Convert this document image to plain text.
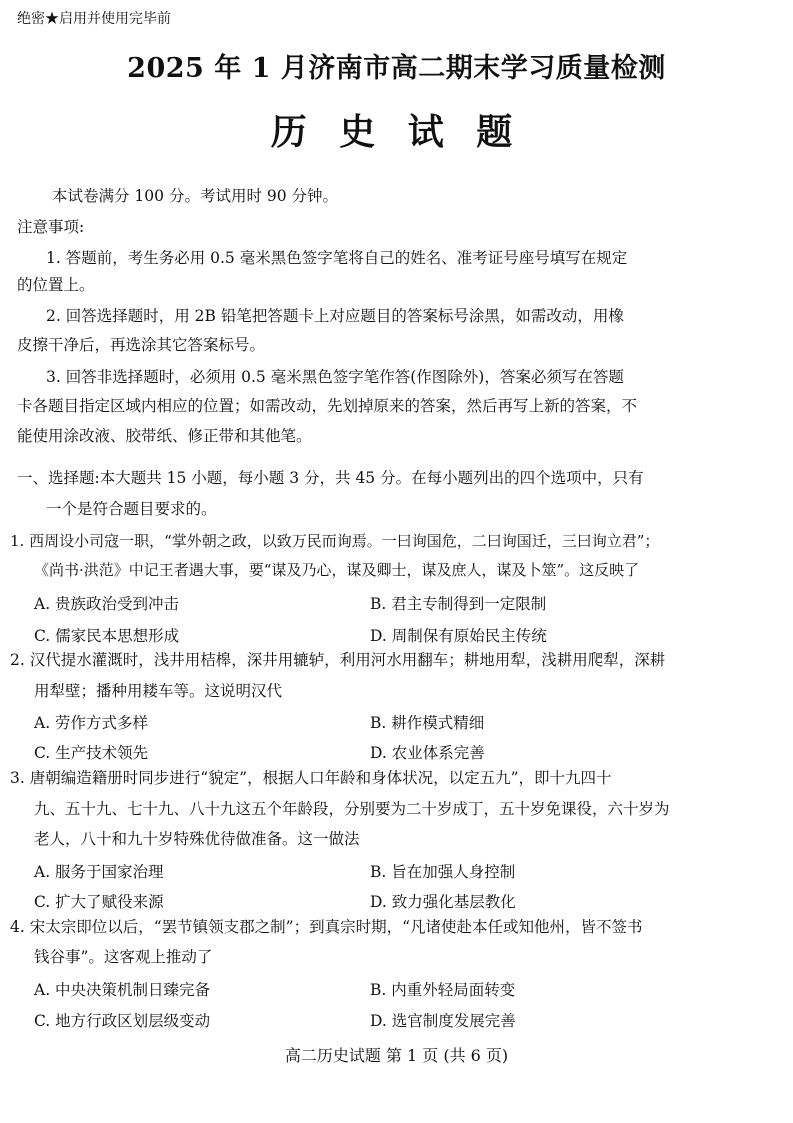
绝密★启用并使用完毕前
2025 年 1 月济南市高二期末学习质量检测
历 史 试 题
本试卷满分 100 分。考试用时 90 分钟。
注意事项:
1. 答题前，考生务必用 0.5 毫米黑色签字笔将自己的姓名、准考证号座号填写在规定
的位置上。
2. 回答选择题时，用 2B 铅笔把答题卡上对应题目的答案标号涂黑，如需改动，用橡
皮擦干净后，再选涂其它答案标号。
3. 回答非选择题时，必须用 0.5 毫米黑色签字笔作答(作图除外)，答案必须写在答题
卡各题目指定区域内相应的位置；如需改动，先划掉原来的答案，然后再写上新的答案，不
能使用涂改液、胶带纸、修正带和其他笔。
一、选择题:本大题共 15 小题，每小题 3 分，共 45 分。在每小题列出的四个选项中，只有
一个是符合题目要求的。
1. 西周设小司寇一职，“掌外朝之政，以致万民而询焉。一曰询国危，二曰询国迁，三曰询立君”；
《尚书·洪范》中记王者遇大事，要“谋及乃心，谋及卿士，谋及庶人，谋及卜筮”。这反映了
A. 贵族政治受到冲击	B. 君主专制得到一定限制
C. 儒家民本思想形成	D. 周制保有原始民主传统
2. 汉代提水灌溉时，浅井用桔槔，深井用辘轳，利用河水用翻车；耕地用犁，浅耕用爬犁，深耕
用犁壁；播种用耧车等。这说明汉代
A. 劳作方式多样	B. 耕作模式精细
C. 生产技术领先	D. 农业体系完善
3. 唐朝编造籍册时同步进行“貌定”，根据人口年龄和身体状况，以定五九”，即十九四十
九、五十九、七十九、八十九这五个年龄段，分别要为二十岁成丁，五十岁免课役，六十岁为
老人，八十和九十岁特殊优待做准备。这一做法
A. 服务于国家治理	B. 旨在加强人身控制
C. 扩大了赋役来源	D. 致力强化基层教化
4. 宋太宗即位以后，“罢节镇领支郡之制”；到真宗时期，“凡诸使赴本任或知他州，皆不签书
钱谷事”。这客观上推动了
A. 中央决策机制日臻完备	B. 内重外轻局面转变
C. 地方行政区划层级变动	D. 选官制度发展完善
高二历史试题 第 1 页 (共 6 页)
